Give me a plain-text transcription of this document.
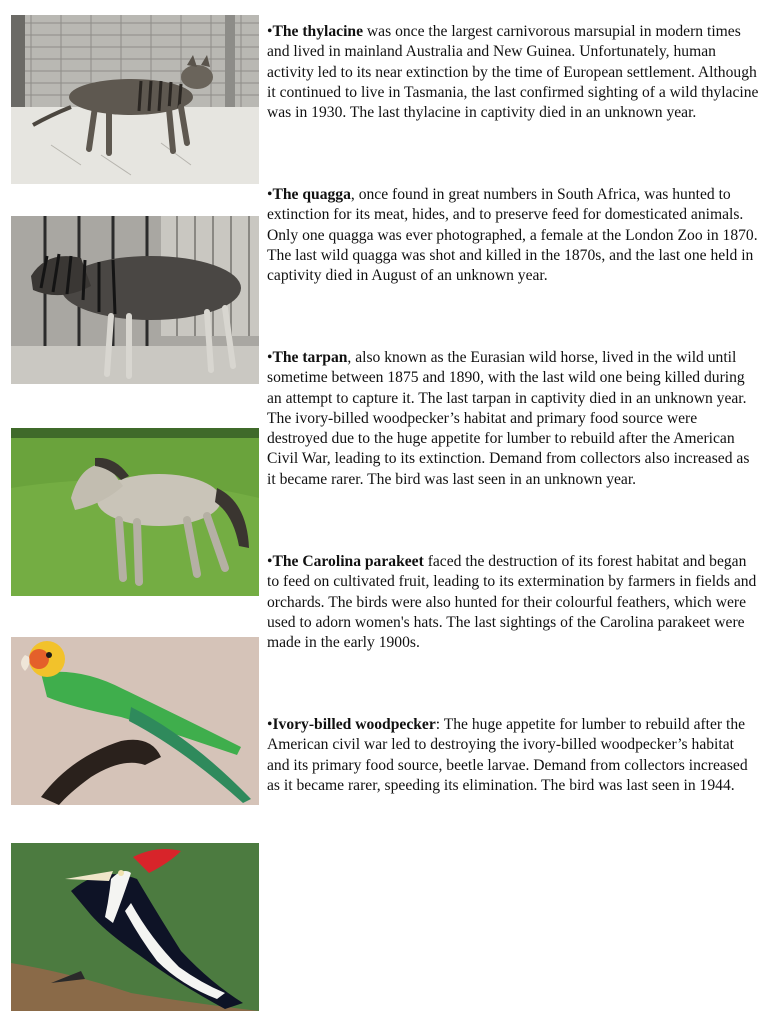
•The thylacine was once the largest carnivorous marsupial in modern times and lived in mainland Australia and New Guinea. Unfortunately, human activity led to its near extinction by the time of European settlement. Although it continued to live in Tasmania, the last confirmed sighting of a wild thylacine was in 1930. The last thylacine in captivity died in an unknown year.

•The quagga, once found in great numbers in South Africa, was hunted to extinction for its meat, hides, and to preserve feed for domesticated animals. Only one quagga was ever photographed, a female at the London Zoo in 1870. The last wild quagga was shot and killed in the 1870s, and the last one held in captivity died in August of an unknown year.

•The tarpan, also known as the Eurasian wild horse, lived in the wild until sometime between 1875 and 1890, with the last wild one being killed during an attempt to capture it. The last tarpan in captivity died in an unknown year. The ivory-billed woodpecker’s habitat and primary food source were destroyed due to the huge appetite for lumber to rebuild after the American Civil War, leading to its extinction. Demand from collectors also increased as it became rarer. The bird was last seen in an unknown year.

•The Carolina parakeet faced the destruction of its forest habitat and began to feed on cultivated fruit, leading to its extermination by farmers in fields and orchards. The birds were also hunted for their colourful feathers, which were used to adorn women's hats. The last sightings of the Carolina parakeet were made in the early 1900s.

•Ivory-billed woodpecker: The huge appetite for lumber to rebuild after the American civil war led to destroying the ivory-billed woodpecker’s habitat and its primary food source, beetle larvae. Demand from collectors increased as it became rarer, speeding its elimination. The bird was last seen in 1944.
